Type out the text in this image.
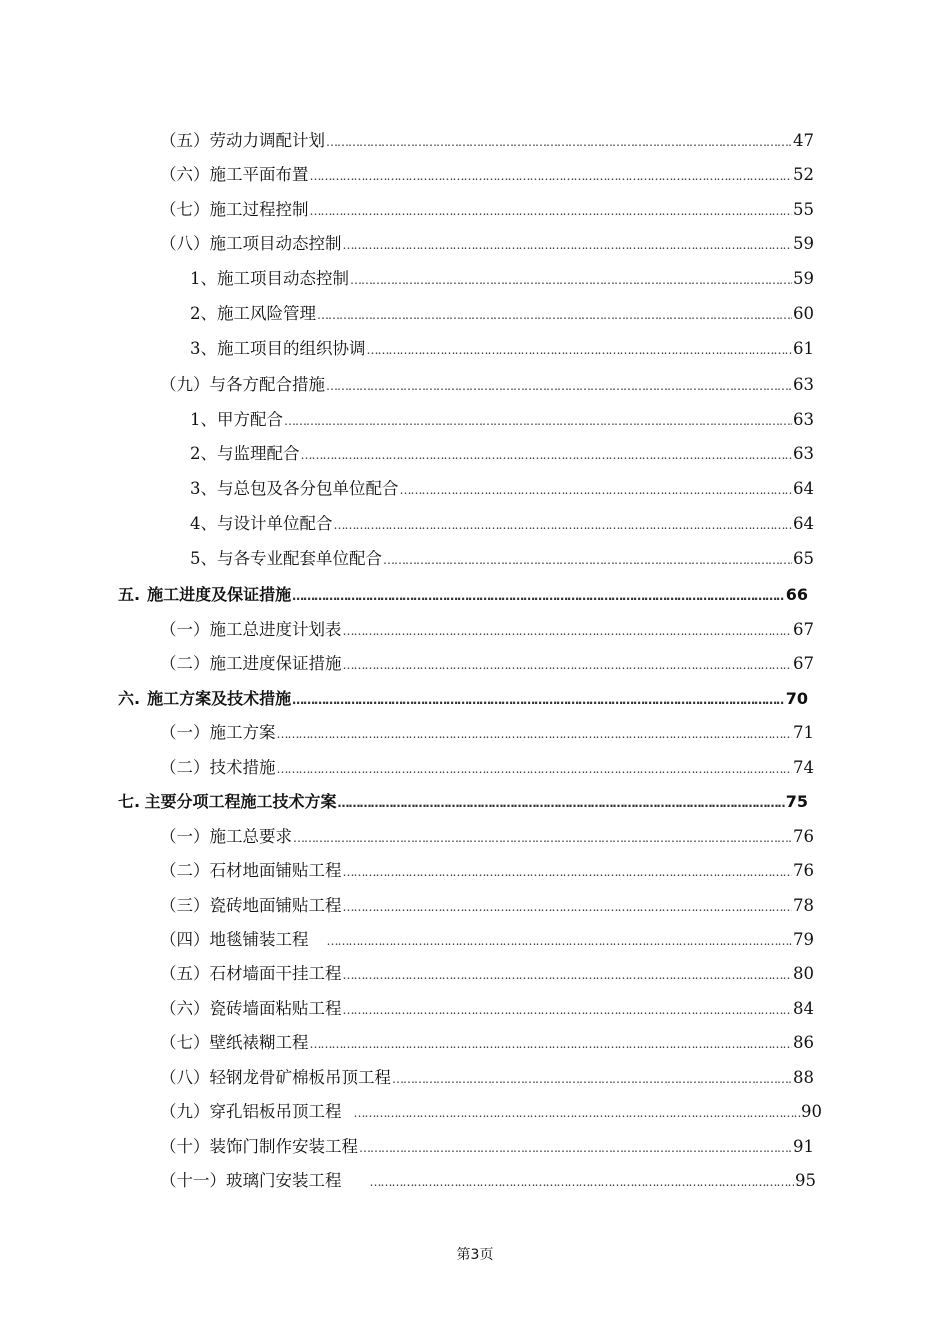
（五） 劳动力调配计划 ……………………………………………………………………………………………………………………………………………………………………………………………………………………………………	47
（六） 施工平面布置 ……………………………………………………………………………………………………………………………………………………………………………………………………………………………………	52
（七） 施工过程控制 ……………………………………………………………………………………………………………………………………………………………………………………………………………………………………	55
（八） 施工项目动态控制 ……………………………………………………………………………………………………………………………………………………………………………………………………………………………………	59
1、施工项目动态控制 ……………………………………………………………………………………………………………………………………………………………………………………………………………………………………	59
2、施工风险管理 ……………………………………………………………………………………………………………………………………………………………………………………………………………………………………	60
3、施工项目的组织协调 ……………………………………………………………………………………………………………………………………………………………………………………………………………………………………	61
（九） 与各方配合措施 ……………………………………………………………………………………………………………………………………………………………………………………………………………………………………	63
1、甲方配合 ……………………………………………………………………………………………………………………………………………………………………………………………………………………………………	63
2、与监理配合 ……………………………………………………………………………………………………………………………………………………………………………………………………………………………………	63
3、与总包及各分包单位配合 ……………………………………………………………………………………………………………………………………………………………………………………………………………………………………	64
4、与设计单位配合 ……………………………………………………………………………………………………………………………………………………………………………………………………………………………………	64
5、与各专业配套单位配合 ……………………………………………………………………………………………………………………………………………………………………………………………………………………………………	65
五. 施工进度及保证措施 ……………………………………………………………………………………………………………………………………………………………………………………………………………………………………	66
（一） 施工总进度计划表 ……………………………………………………………………………………………………………………………………………………………………………………………………………………………………	67
（二） 施工进度保证措施 ……………………………………………………………………………………………………………………………………………………………………………………………………………………………………	67
六. 施工方案及技术措施 ……………………………………………………………………………………………………………………………………………………………………………………………………………………………………	70
（一） 施工方案 ……………………………………………………………………………………………………………………………………………………………………………………………………………………………………	71
（二） 技术措施 ……………………………………………………………………………………………………………………………………………………………………………………………………………………………………	74
七. 主要分项工程施工技术方案 ……………………………………………………………………………………………………………………………………………………………………………………………………………………………………	75
（一） 施工总要求 ……………………………………………………………………………………………………………………………………………………………………………………………………………………………………	76
（二） 石材地面铺贴工程 ……………………………………………………………………………………………………………………………………………………………………………………………………………………………………	76
（三） 瓷砖地面铺贴工程 ……………………………………………………………………………………………………………………………………………………………………………………………………………………………………	78
（四） 地毯铺装工程 ……………………………………………………………………………………………………………………………………………………………………………………………………………………………………	79
（五） 石材墙面干挂工程 ……………………………………………………………………………………………………………………………………………………………………………………………………………………………………	80
（六） 瓷砖墙面粘贴工程 ……………………………………………………………………………………………………………………………………………………………………………………………………………………………………	84
（七） 壁纸裱糊工程 ……………………………………………………………………………………………………………………………………………………………………………………………………………………………………	86
（八） 轻钢龙骨矿棉板吊顶工程 ……………………………………………………………………………………………………………………………………………………………………………………………………………………………………	88
（九） 穿孔铝板吊顶工程 ……………………………………………………………………………………………………………………………………………………………………………………………………………………………………	90
（十） 装饰门制作安装工程 ……………………………………………………………………………………………………………………………………………………………………………………………………………………………………	91
（十一） 玻璃门安装工程 ……………………………………………………………………………………………………………………………………………………………………………………………………………………………………	95
第3页
